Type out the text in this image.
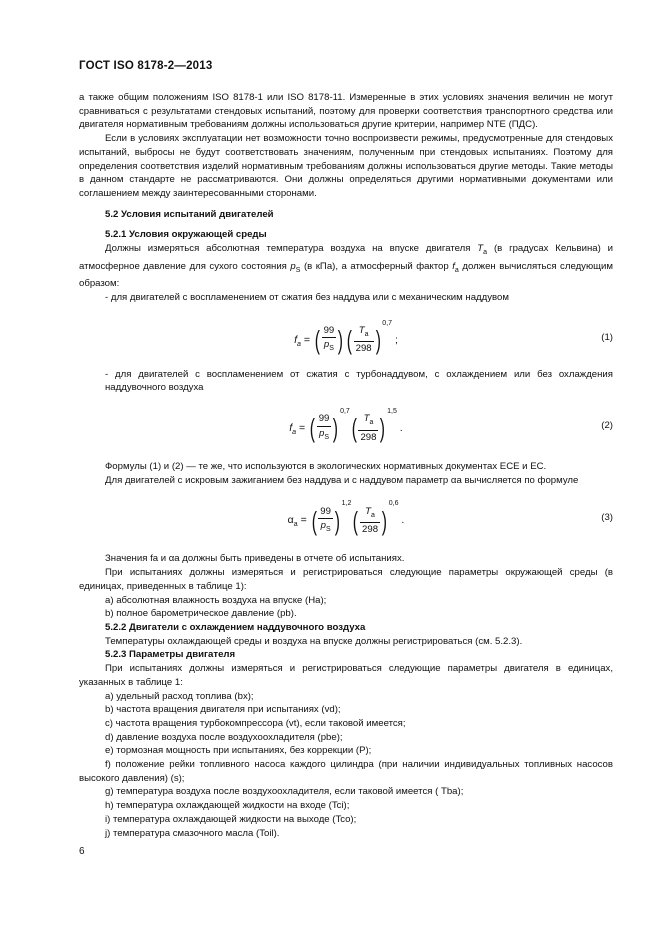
ГОСТ ISO 8178-2—2013

а также общим положениям ISO 8178-1 или ISO 8178-11. Измеренные в этих условиях значения величин не могут сравниваться с результатами стендовых испытаний, поэтому для проверки соответствия транспортного средства или двигателя нормативным требованиям должны использоваться другие критерии, например NTE (ПДС).

Если в условиях эксплуатации нет возможности точно воспроизвести режимы, предусмотренные для стендовых испытаний, выбросы не будут соответствовать значениям, полученным при стендовых испытаниях. Поэтому для определения соответствия изделий нормативным требованиям должны использоваться другие методы. Такие методы в данном стандарте не рассматриваются. Они должны определяться другими нормативными документами или соглашением между заинтересованными сторонами.

5.2 Условия испытаний двигателей

5.2.1 Условия окружающей среды

Должны измеряться абсолютная температура воздуха на впуске двигателя $T_a$ (в градусах Кельвина) и атмосферное давление для сухого состояния $p_S$ (в кПа), а атмосферный фактор $f_a$ должен вычисляться следующим образом:

- для двигателей с воспламенением от сжатия без наддува или с механическим наддувом

$f_a$ = ( $\frac{99}{p_S}$ ) ( $\frac{T_a}{298} )^{0,7}$ ;	(1)

- для двигателей с воспламенением от сжатия с турбонаддувом, с охлаждением или без охлаждения наддувочного воздуха

$f_a$ = ( $\frac{99}{p_S} )^{0,7}( \frac{T_a}{298} )^{1,5}$ .	(2)

Формулы (1) и (2) — те же, что используются в экологических нормативных документах ЕСЕ и ЕС.

Для двигателей с искровым зажиганием без наддува и с наддувом параметр αa вычисляется по формуле

$\alpha_a$ = ( $\frac{99}{p_S} )^{1,2}( \frac{T_a}{298} )^{0,6}$ .	(3)

Значения fa и αa должны быть приведены в отчете об испытаниях.

При испытаниях должны измеряться и регистрироваться следующие параметры окружающей среды (в единицах, приведенных в таблице 1):

а) абсолютная влажность воздуха на впуске (Ha);

b) полное барометрическое давление (pb).

5.2.2 Двигатели с охлаждением наддувочного воздуха

Температуры охлаждающей среды и воздуха на впуске должны регистрироваться (см. 5.2.3).

5.2.3 Параметры двигателя

При испытаниях должны измеряться и регистрироваться следующие параметры двигателя в единицах, указанных в таблице 1:

а) удельный расход топлива (bx);

b) частота вращения двигателя при испытаниях (vd);

с) частота вращения турбокомпрессора (vt), если таковой имеется;

d) давление воздуха после воздухоохладителя (pbe);

е) тормозная мощность при испытаниях, без коррекции (P);

f) положение рейки топливного насоса каждого цилиндра (при наличии индивидуальных топливных насосов высокого давления) (s);

g) температура воздуха после воздухоохладителя, если таковой имеется ( Tba);

h) температура охлаждающей жидкости на входе (Tci);

i) температура охлаждающей жидкости на выходе (Tco);

j) температура смазочного масла (Toil).

6
